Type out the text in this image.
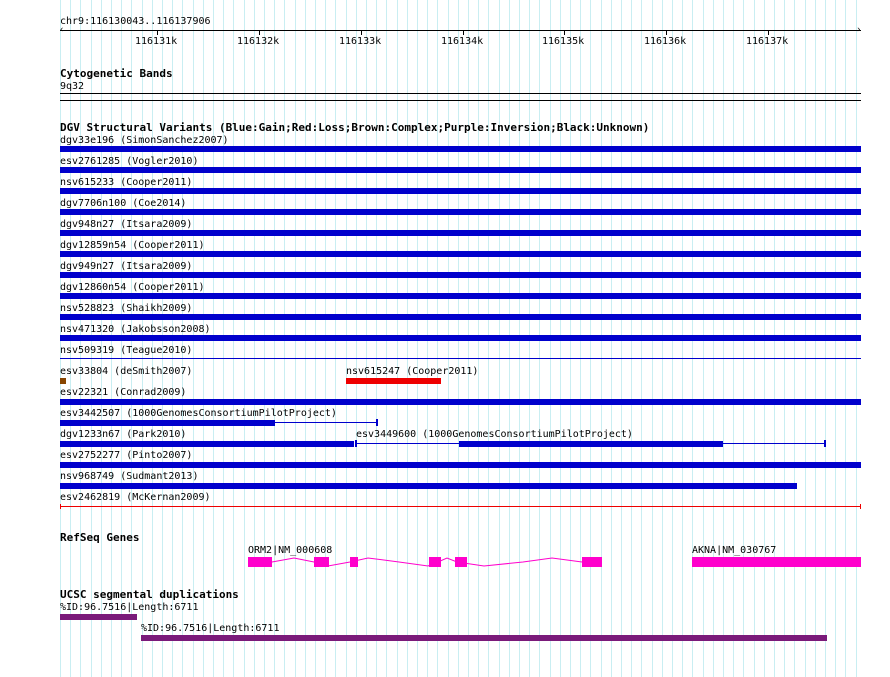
chr9:116130043..116137906
‹	›
116131k	116132k	116133k	116134k	116135k	116136k	116137k
Cytogenetic Bands
9q32
DGV Structural Variants (Blue:Gain;Red:Loss;Brown:Complex;Purple:Inversion;Black:Unknown)
dgv33e196 (SimonSanchez2007)
esv2761285 (Vogler2010)
nsv615233 (Cooper2011)
dgv7706n100 (Coe2014)
dgv948n27 (Itsara2009)
dgv12859n54 (Cooper2011)
dgv949n27 (Itsara2009)
dgv12860n54 (Cooper2011)
nsv528823 (Shaikh2009)
nsv471320 (Jakobsson2008)
nsv509319 (Teague2010)
esv33804 (deSmith2007)	nsv615247 (Cooper2011)
esv22321 (Conrad2009)
esv3442507 (1000GenomesConsortiumPilotProject)
dgv1233n67 (Park2010)	esv3449600 (1000GenomesConsortiumPilotProject)
esv2752277 (Pinto2007)
nsv968749 (Sudmant2013)
esv2462819 (McKernan2009)
RefSeq Genes
ORM2|NM_000608	AKNA|NM_030767
UCSC segmental duplications
%ID:96.7516|Length:6711
%ID:96.7516|Length:6711
